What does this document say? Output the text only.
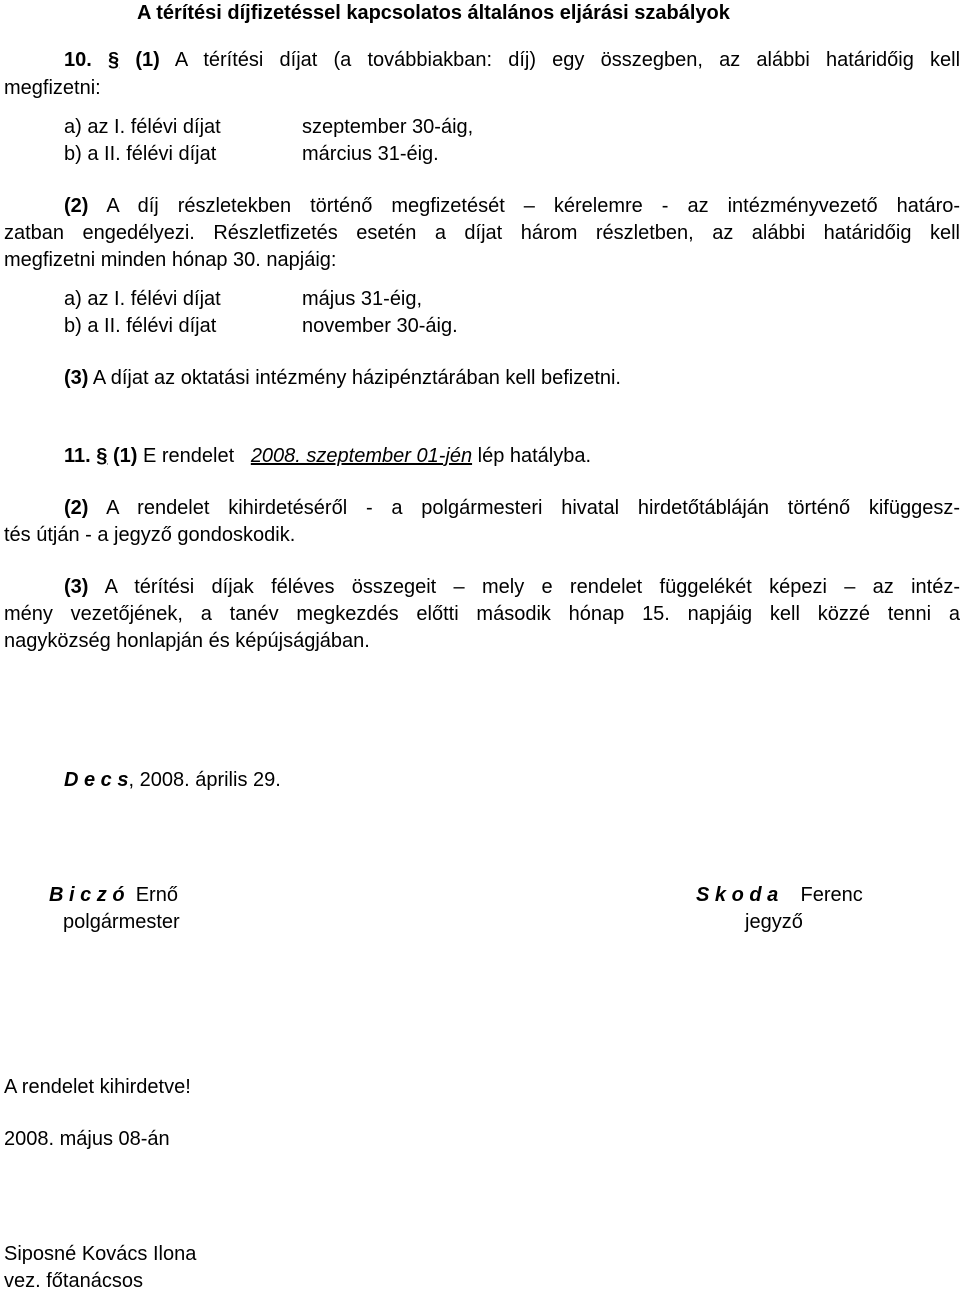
A térítési díjfizetéssel kapcsolatos általános eljárási szabályok
10. § (1) A térítési díjat (a továbbiakban: díj) egy összegben, az alábbi határidőig kell
megfizetni:
a) az I. félévi díjat	szeptember 30-áig,
b) a II. félévi díjat	március 31-éig.
(2) A díj részletekben történő megfizetését – kérelemre - az intézményvezető határo-
zatban engedélyezi. Részletfizetés esetén a díjat három részletben, az alábbi határidőig kell
megfizetni minden hónap 30. napjáig:
a) az I. félévi díjat	május 31-éig,
b) a II. félévi díjat	november 30-áig.
(3) A díjat az oktatási intézmény házipénztárában kell befizetni.
11. § (1) E rendelet 2008. szeptember 01-jén lép hatályba.
(2) A rendelet kihirdetéséről - a polgármesteri hivatal hirdetőtábláján történő kifüggesz-
tés útján - a jegyző gondoskodik.
(3) A térítési díjak féléves összegeit – mely e rendelet függelékét képezi – az intéz-
mény vezetőjének, a tanév megkezdés előtti második hónap 15. napjáig kell közzé tenni a
nagyközség honlapján és képújságjában.
D e c s, 2008. április 29.
B i c z ó Ernő
polgármester
S k o d a Ferenc
jegyző
A rendelet kihirdetve!
2008. május 08-án
Siposné Kovács Ilona
vez. főtanácsos
